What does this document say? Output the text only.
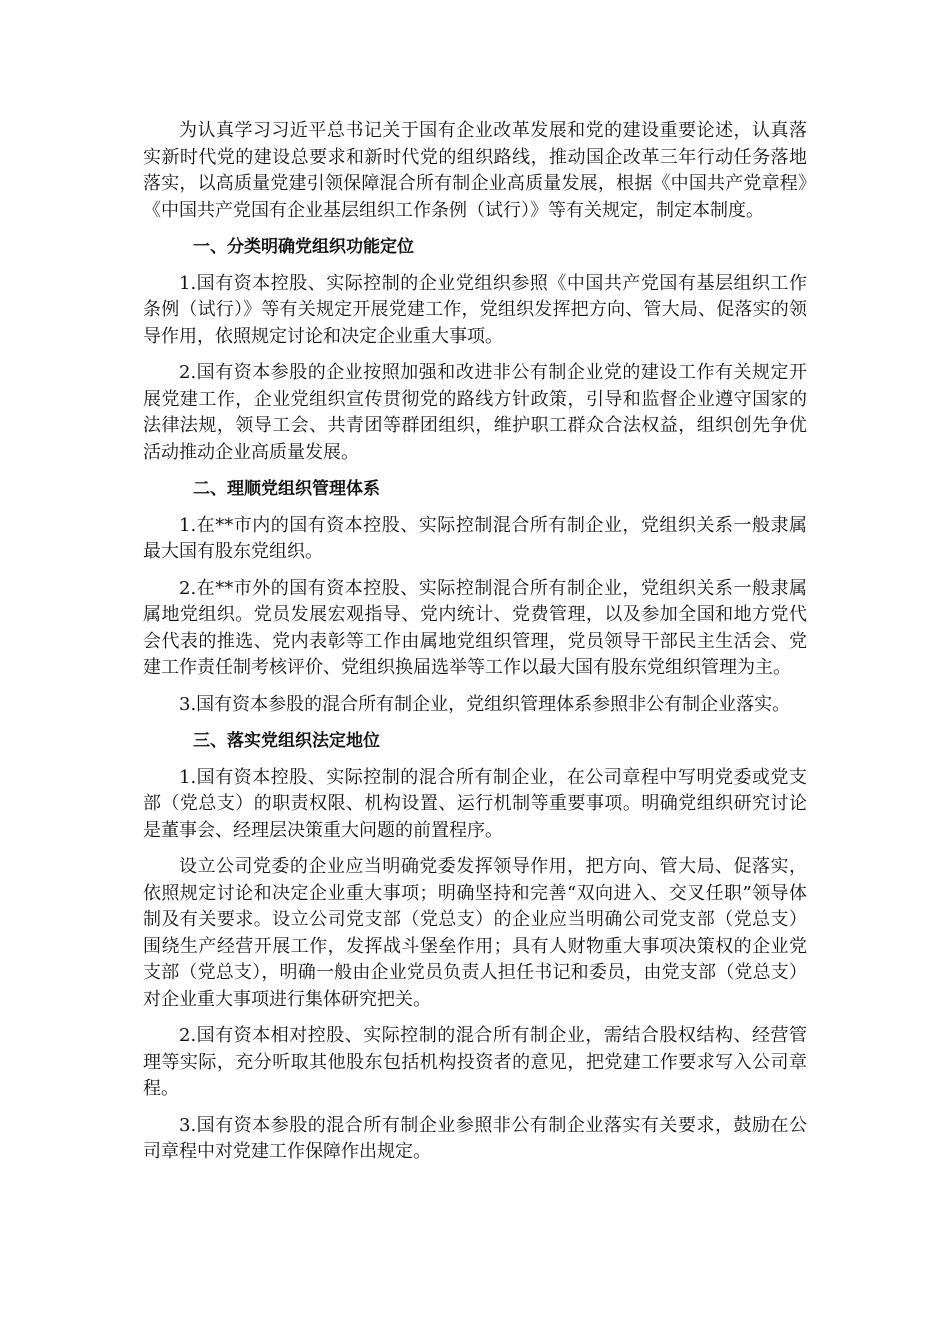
为认真学习习近平总书记关于国有企业改革发展和党的建设重要论述，认真落实新时代党的建设总要求和新时代党的组织路线，推动国企改革三年行动任务落地落实，以高质量党建引领保障混合所有制企业高质量发展，根据《中国共产党章程》《中国共产党国有企业基层组织工作条例（试行）》等有关规定，制定本制度。

一、分类明确党组织功能定位

1.国有资本控股、实际控制的企业党组织参照《中国共产党国有基层组织工作条例（试行）》等有关规定开展党建工作，党组织发挥把方向、管大局、促落实的领导作用，依照规定讨论和决定企业重大事项。

2.国有资本参股的企业按照加强和改进非公有制企业党的建设工作有关规定开展党建工作，企业党组织宣传贯彻党的路线方针政策，引导和监督企业遵守国家的法律法规，领导工会、共青团等群团组织，维护职工群众合法权益，组织创先争优活动推动企业高质量发展。

二、理顺党组织管理体系

1.在**市内的国有资本控股、实际控制混合所有制企业，党组织关系一般隶属最大国有股东党组织。

2.在**市外的国有资本控股、实际控制混合所有制企业，党组织关系一般隶属属地党组织。党员发展宏观指导、党内统计、党费管理，以及参加全国和地方党代会代表的推选、党内表彰等工作由属地党组织管理，党员领导干部民主生活会、党建工作责任制考核评价、党组织换届选举等工作以最大国有股东党组织管理为主。

3.国有资本参股的混合所有制企业，党组织管理体系参照非公有制企业落实。

三、落实党组织法定地位

1.国有资本控股、实际控制的混合所有制企业，在公司章程中写明党委或党支部（党总支）的职责权限、机构设置、运行机制等重要事项。明确党组织研究讨论是董事会、经理层决策重大问题的前置程序。

设立公司党委的企业应当明确党委发挥领导作用，把方向、管大局、促落实，依照规定讨论和决定企业重大事项；明确坚持和完善“双向进入、交叉任职”领导体制及有关要求。设立公司党支部（党总支）的企业应当明确公司党支部（党总支）围绕生产经营开展工作，发挥战斗堡垒作用；具有人财物重大事项决策权的企业党支部（党总支），明确一般由企业党员负责人担任书记和委员，由党支部（党总支）对企业重大事项进行集体研究把关。

2.国有资本相对控股、实际控制的混合所有制企业，需结合股权结构、经营管理等实际，充分听取其他股东包括机构投资者的意见，把党建工作要求写入公司章程。

3.国有资本参股的混合所有制企业参照非公有制企业落实有关要求，鼓励在公司章程中对党建工作保障作出规定。
